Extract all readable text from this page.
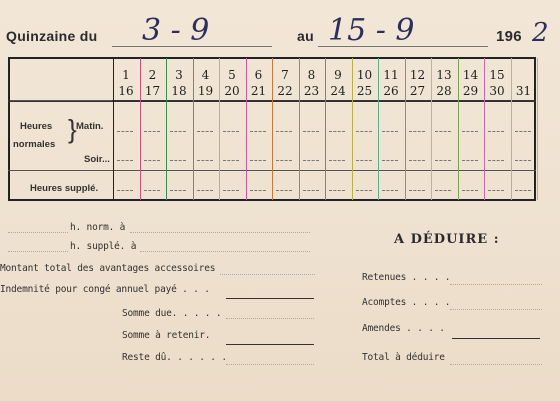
Quinzaine du 3 - 9	au 15 - 9	196 2
Heures
normales
} Matin.
Soir...
Heures supplé.
h. norm. à
h. supplé. à
Montant total des avantages accessoires
Indemnité pour congé annuel payé . . .
Somme due. . . . .
Somme à retenir.
Reste dû. . . . . .
A DÉDUIRE :
Retenues . . . .
Acomptes . . . .
Amendes . . . .
Total à déduire
1
16
2
17
3
18
4
19
5
20
6
21
7
22
8
23
9
24
10
25
11
26
12
27
13
28
14
29
15
30 31
